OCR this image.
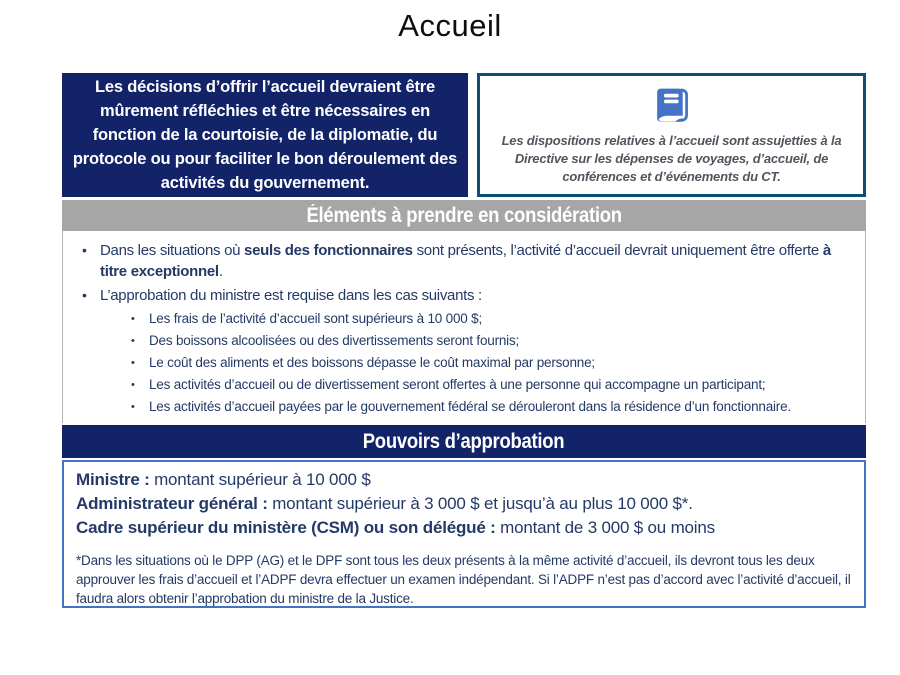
Accueil
Les décisions d’offrir l’accueil devraient être mûrement réfléchies et être nécessaires en fonction de la courtoisie, de la diplomatie, du protocole ou pour faciliter le bon déroulement des activités du gouvernement.
Les dispositions relatives à l’accueil sont assujetties à la Directive sur les dépenses de voyages, d’accueil, de conférences et d’événements du CT.
Éléments à prendre en considération
• Dans les situations où seuls des fonctionnaires sont présents, l’activité d’accueil devrait uniquement être offerte à titre exceptionnel.
• L’approbation du ministre est requise dans les cas suivants :
• Les frais de l’activité d’accueil sont supérieurs à 10 000 $;
• Des boissons alcoolisées ou des divertissements seront fournis;
• Le coût des aliments et des boissons dépasse le coût maximal par personne;
• Les activités d’accueil ou de divertissement seront offertes à une personne qui accompagne un participant;
• Les activités d’accueil payées par le gouvernement fédéral se dérouleront dans la résidence d’un fonctionnaire.
Pouvoirs d’approbation
Ministre : montant supérieur à 10 000 $
Administrateur général : montant supérieur à 3 000 $ et jusqu’à au plus 10 000 $*.
Cadre supérieur du ministère (CSM) ou son délégué : montant de 3 000 $ ou moins
*Dans les situations où le DPP (AG) et le DPF sont tous les deux présents à la même activité d’accueil, ils devront tous les deux approuver les frais d’accueil et l’ADPF devra effectuer un examen indépendant. Si l’ADPF n’est pas d’accord avec l’activité d’accueil, il faudra alors obtenir l’approbation du ministre de la Justice.
